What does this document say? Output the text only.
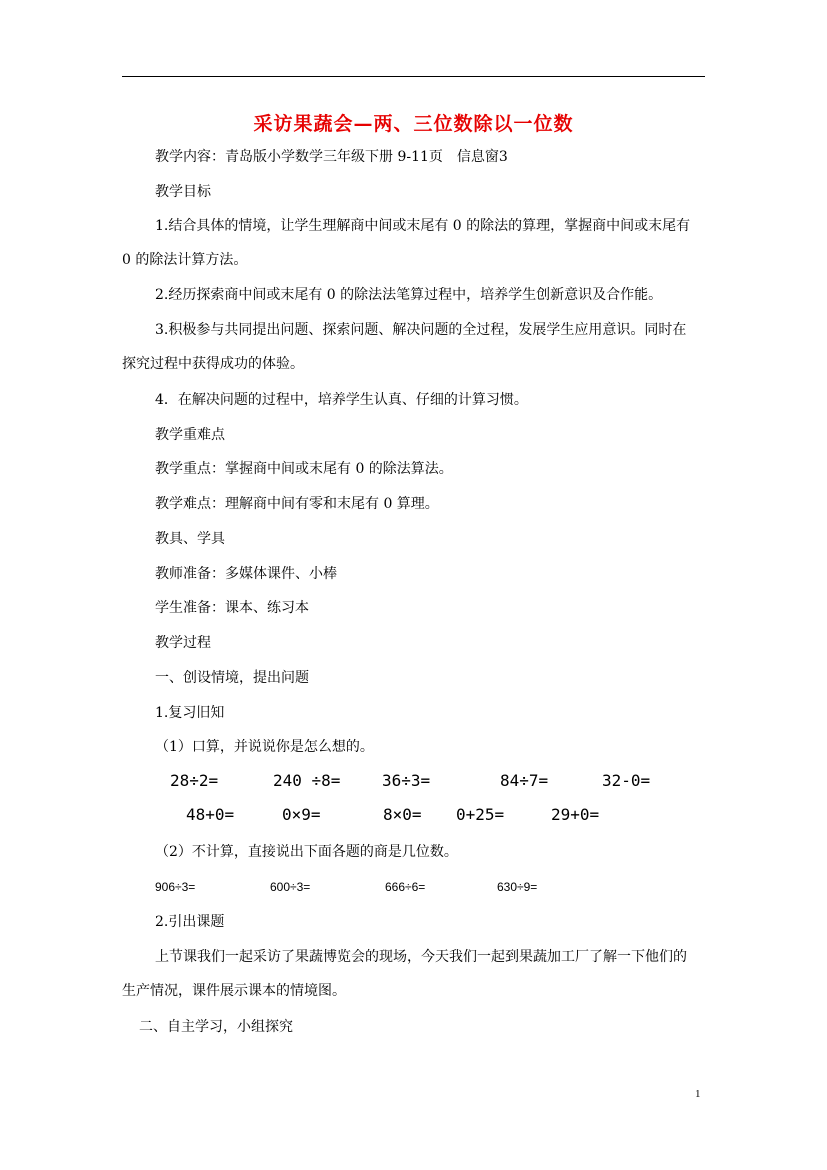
采访果蔬会—两、三位数除以一位数
教学内容：青岛版小学数学三年级下册 9-11页　信息窗3
教学目标
1.结合具体的情境，让学生理解商中间或末尾有 0 的除法的算理，掌握商中间或末尾有
0 的除法计算方法。
2.经历探索商中间或末尾有 0 的除法法笔算过程中，培养学生创新意识及合作能。
3.积极参与共同提出问题、探索问题、解决问题的全过程，发展学生应用意识。同时在
探究过程中获得成功的体验。
4．在解决问题的过程中，培养学生认真、仔细的计算习惯。
教学重难点
教学重点：掌握商中间或末尾有 0 的除法算法。
教学难点：理解商中间有零和末尾有 0 算理。
教具、学具
教师准备：多媒体课件、小棒
学生准备：课本、练习本
教学过程
一、创设情境，提出问题
1.复习旧知
（1）口算，并说说你是怎么想的。
28÷2=	240 ÷8=	36÷3=	84÷7=	32-0=
48+0=	0×9=	8×0= 0+25=	29+0=
（2）不计算，直接说出下面各题的商是几位数。
906÷3=	600÷3=	666÷6=	630÷9=
2.引出课题
上节课我们一起采访了果蔬博览会的现场，今天我们一起到果蔬加工厂了解一下他们的
生产情况，课件展示课本的情境图。
二、自主学习，小组探究
1
